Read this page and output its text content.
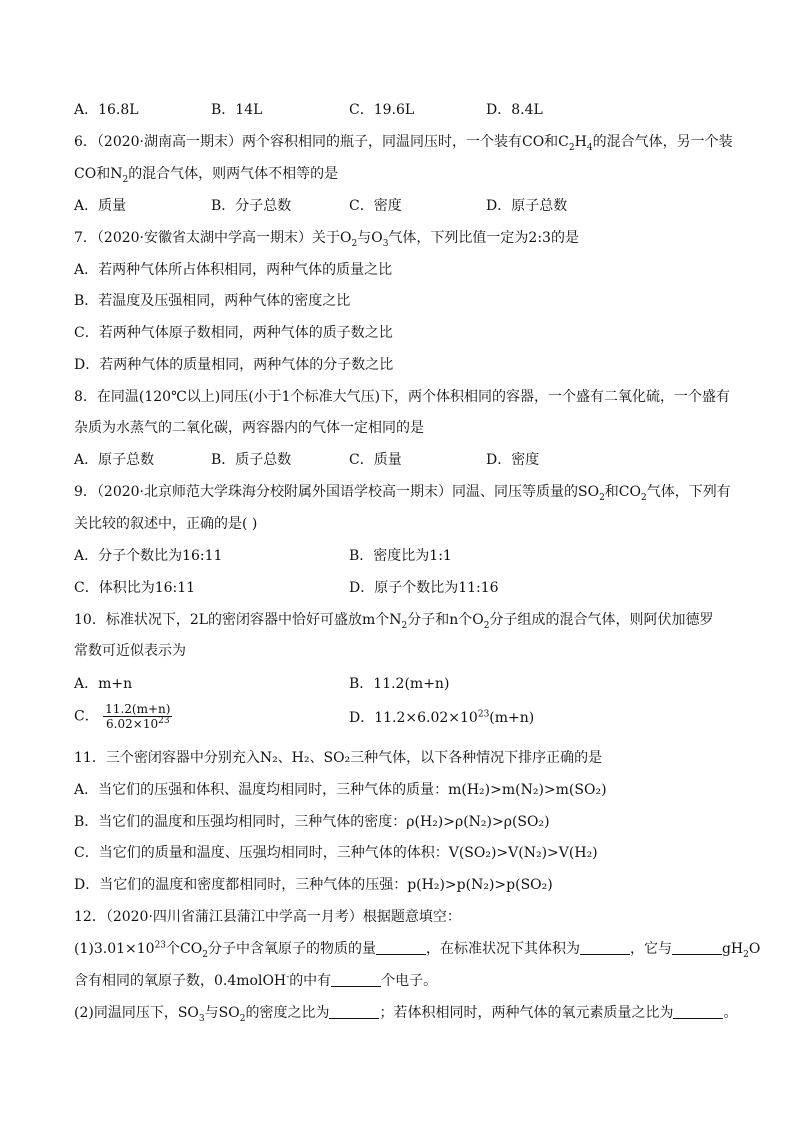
A．16.8L	B．14L	C．19.6L	D．8.4L
6．（2020·湖南高一期末）两个容积相同的瓶子，同温同压时，一个装有CO和$C_2H_4$的混合气体，另一个装
CO和$N_2$的混合气体，则两气体不相等的是
A．质量	B．分子总数	C．密度	D．原子总数
7．（2020·安徽省太湖中学高一期末）关于$O_2$与$O_3$气体，下列比值一定为2:3的是
A．若两种气体所占体积相同，两种气体的质量之比
B．若温度及压强相同，两种气体的密度之比
C．若两种气体原子数相同，两种气体的质子数之比
D．若两种气体的质量相同，两种气体的分子数之比
8．在同温(120℃以上)同压(小于1个标准大气压)下，两个体积相同的容器，一个盛有二氧化硫，一个盛有
杂质为水蒸气的二氧化碳，两容器内的气体一定相同的是
A．原子总数	B．质子总数	C．质量	D．密度
9．（2020·北京师范大学珠海分校附属外国语学校高一期末）同温、同压等质量的$SO_2$和$CO_2$气体，下列有
关比较的叙述中，正确的是( )
A．分子个数比为16:11	B．密度比为1:1
C．体积比为16:11	D．原子个数比为11:16
10．标准状况下，2L的密闭容器中恰好可盛放m个$N_2$分子和n个$O_2$分子组成的混合气体，则阿伏加德罗
常数可近似表示为
A．m+n	B．11.2(m+n)
C． $\frac{11.2(m+n)}{6.02\times 10^{23}}$	D．$11.2\times 6.02\times 10^{23}(m+n)$
11．三个密闭容器中分别充入N₂、H₂、SO₂三种气体，以下各种情况下排序正确的是
A．当它们的压强和体积、温度均相同时，三种气体的质量：m(H₂)>m(N₂)>m(SO₂)
B．当它们的温度和压强均相同时，三种气体的密度：ρ(H₂)>ρ(N₂)>ρ(SO₂)
C．当它们的质量和温度、压强均相同时，三种气体的体积：V(SO₂)>V(N₂)>V(H₂)
D．当它们的温度和密度都相同时，三种气体的压强：p(H₂)>p(N₂)>p(SO₂)
12．（2020·四川省蒲江县蒲江中学高一月考）根据题意填空：
$(1)3.01\times 10^{23}$个$CO_2$分子中含氧原子的物质的量	，在标准状况下其体积为	，它与	$gH_2O$
含有相同的氧原子数，0.4molOH-的中有	个电子。
(2)同温同压下，$SO_3$与$SO_2$的密度之比为	；若体积相同时，两种气体的氧元素质量之比为	。
